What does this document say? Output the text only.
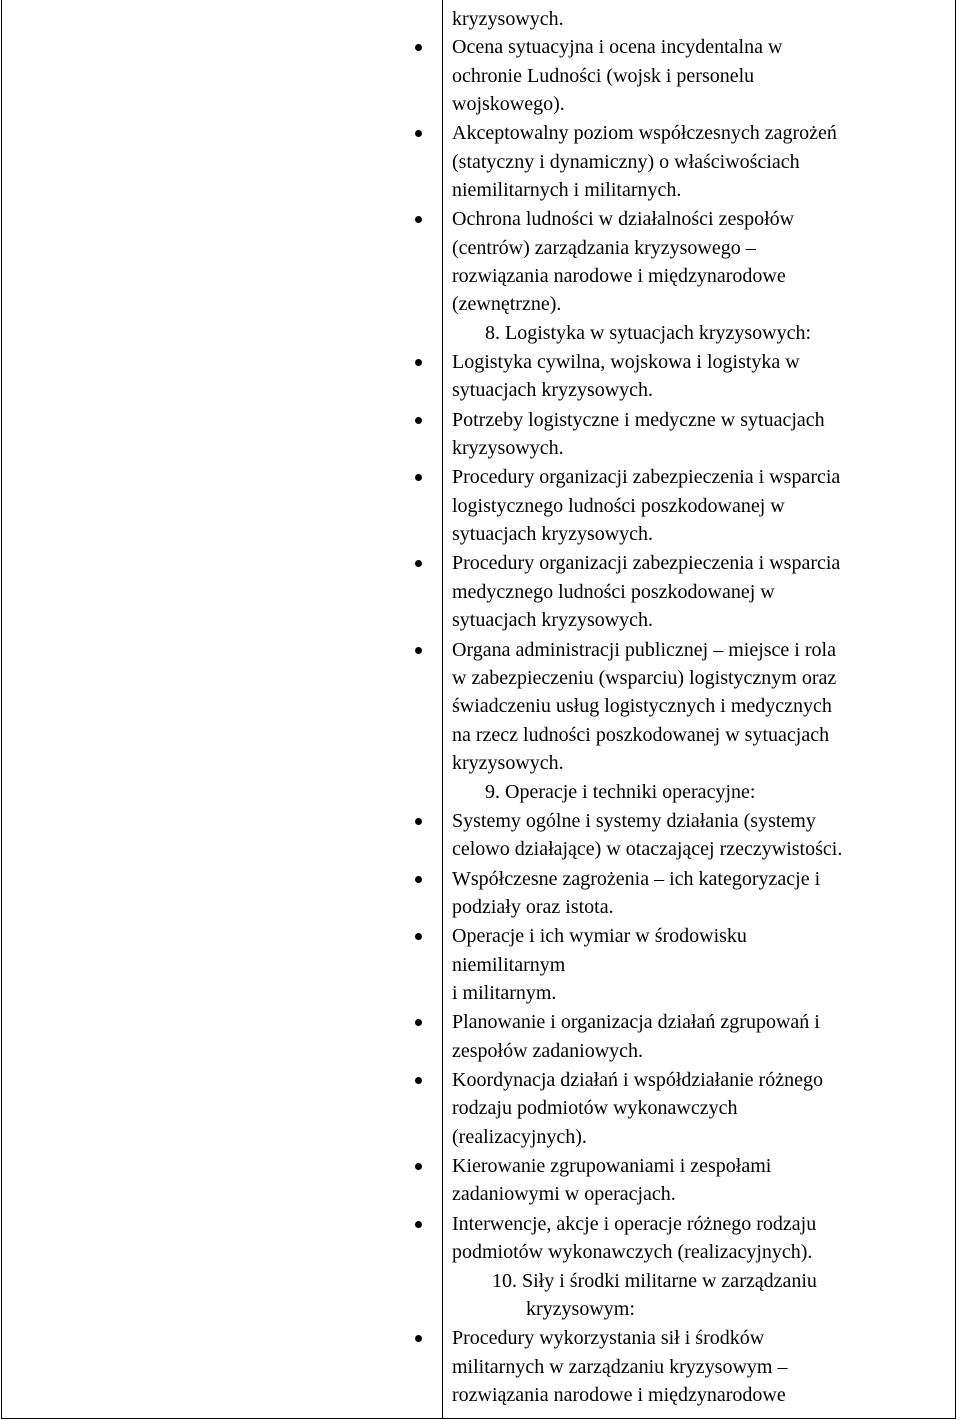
kryzysowych.
Ocena sytuacyjna i ocena incydentalna w
ochronie Ludności (wojsk i personelu
wojskowego).
Akceptowalny poziom współczesnych zagrożeń
(statyczny i dynamiczny) o właściwościach
niemilitarnych i militarnych.
Ochrona ludności w działalności zespołów
(centrów) zarządzania kryzysowego –
rozwiązania narodowe i międzynarodowe
(zewnętrzne).
8. Logistyka w sytuacjach kryzysowych:
Logistyka cywilna, wojskowa i logistyka w
sytuacjach kryzysowych.
Potrzeby logistyczne i medyczne w sytuacjach
kryzysowych.
Procedury organizacji zabezpieczenia i wsparcia
logistycznego ludności poszkodowanej w
sytuacjach kryzysowych.
Procedury organizacji zabezpieczenia i wsparcia
medycznego ludności poszkodowanej w
sytuacjach kryzysowych.
Organa administracji publicznej – miejsce i rola
w zabezpieczeniu (wsparciu) logistycznym oraz
świadczeniu usług logistycznych i medycznych
na rzecz ludności poszkodowanej w sytuacjach
kryzysowych.
9. Operacje i techniki operacyjne:
Systemy ogólne i systemy działania (systemy
celowo działające) w otaczającej rzeczywistości.
Współczesne zagrożenia – ich kategoryzacje i
podziały oraz istota.
Operacje i ich wymiar w środowisku
niemilitarnym
i militarnym.
Planowanie i organizacja działań zgrupowań i
zespołów zadaniowych.
Koordynacja działań i współdziałanie różnego
rodzaju podmiotów wykonawczych
(realizacyjnych).
Kierowanie zgrupowaniami i zespołami
zadaniowymi w operacjach.
Interwencje, akcje i operacje różnego rodzaju
podmiotów wykonawczych (realizacyjnych).
10. Siły i środki militarne w zarządzaniu
kryzysowym:
Procedury wykorzystania sił i środków
militarnych w zarządzaniu kryzysowym –
rozwiązania narodowe i międzynarodowe
